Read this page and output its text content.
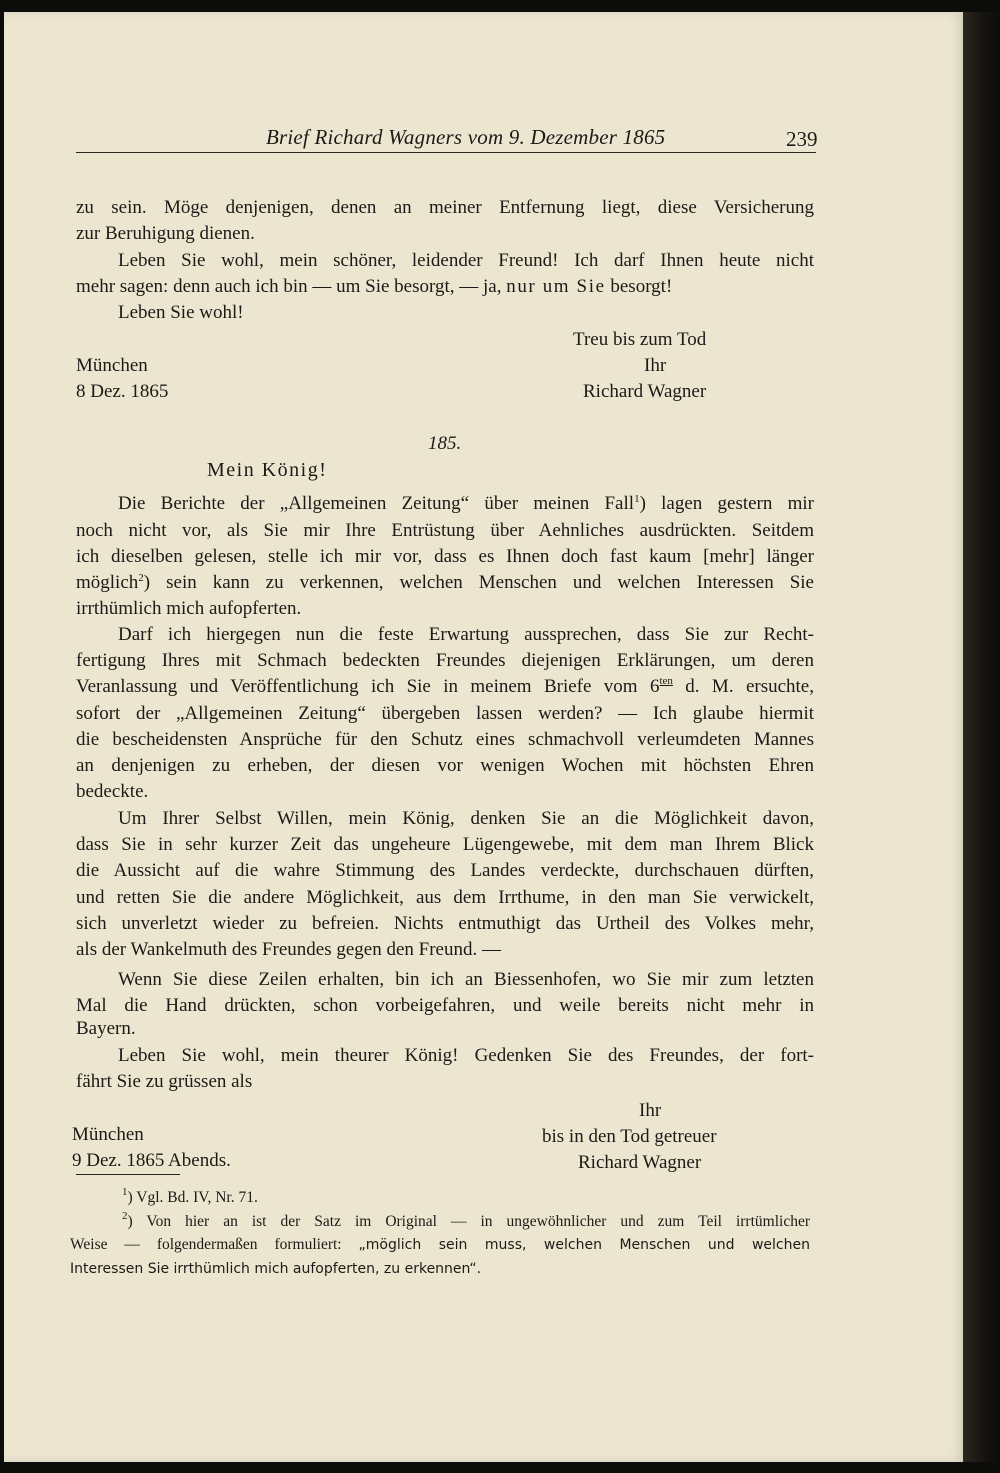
Brief Richard Wagners vom 9. Dezember 1865	239
zu sein. Möge denjenigen, denen an meiner Entfernung liegt, diese Versicherung
zur Beruhigung dienen.
Leben Sie wohl, mein schöner, leidender Freund! Ich darf Ihnen heute nicht
mehr sagen: denn auch ich bin — um Sie besorgt, — ja, nur um Sie besorgt!
Leben Sie wohl!
Treu bis zum Tod
München	Ihr
8 Dez. 1865	Richard Wagner
185.
Mein König!
Die Berichte der „Allgemeinen Zeitung“ über meinen Fall$^1$) lagen gestern mir
noch nicht vor, als Sie mir Ihre Entrüstung über Aehnliches ausdrückten. Seitdem
ich dieselben gelesen, stelle ich mir vor, dass es Ihnen doch fast kaum [mehr] länger
möglich$^2$) sein kann zu verkennen, welchen Menschen und welchen Interessen Sie
irrthümlich mich aufopferten.
Darf ich hiergegen nun die feste Erwartung aussprechen, dass Sie zur Recht-
fertigung Ihres mit Schmach bedeckten Freundes diejenigen Erklärungen, um deren
Veranlassung und Veröffentlichung ich Sie in meinem Briefe vom $6^{ten}$ d. M. ersuchte,
sofort der „Allgemeinen Zeitung“ übergeben lassen werden? — Ich glaube hiermit
die bescheidensten Ansprüche für den Schutz eines schmachvoll verleumdeten Mannes
an denjenigen zu erheben, der diesen vor wenigen Wochen mit höchsten Ehren
bedeckte.
Um Ihrer Selbst Willen, mein König, denken Sie an die Möglichkeit davon,
dass Sie in sehr kurzer Zeit das ungeheure Lügengewebe, mit dem man Ihrem Blick
die Aussicht auf die wahre Stimmung des Landes verdeckte, durchschauen dürften,
und retten Sie die andere Möglichkeit, aus dem Irrthume, in den man Sie verwickelt,
sich unverletzt wieder zu befreien. Nichts entmuthigt das Urtheil des Volkes mehr,
als der Wankelmuth des Freundes gegen den Freund. —
Wenn Sie diese Zeilen erhalten, bin ich an Biessenhofen, wo Sie mir zum letzten
Mal die Hand drückten, schon vorbeigefahren, und weile bereits nicht mehr in
Bayern.
Leben Sie wohl, mein theurer König! Gedenken Sie des Freundes, der fort-
fährt Sie zu grüssen als
Ihr
München	bis in den Tod getreuer
9 Dez. 1865 Abends.	Richard Wagner
$^1$) Vgl. Bd. IV, Nr. 71.
$^2$) Von hier an ist der Satz im Original — in ungewöhnlicher und zum Teil irrtümlicher
Weise — folgendermaßen formuliert: „möglich sein muss, welchen Menschen und welchen
Interessen Sie irrthümlich mich aufopferten, zu erkennen“.
